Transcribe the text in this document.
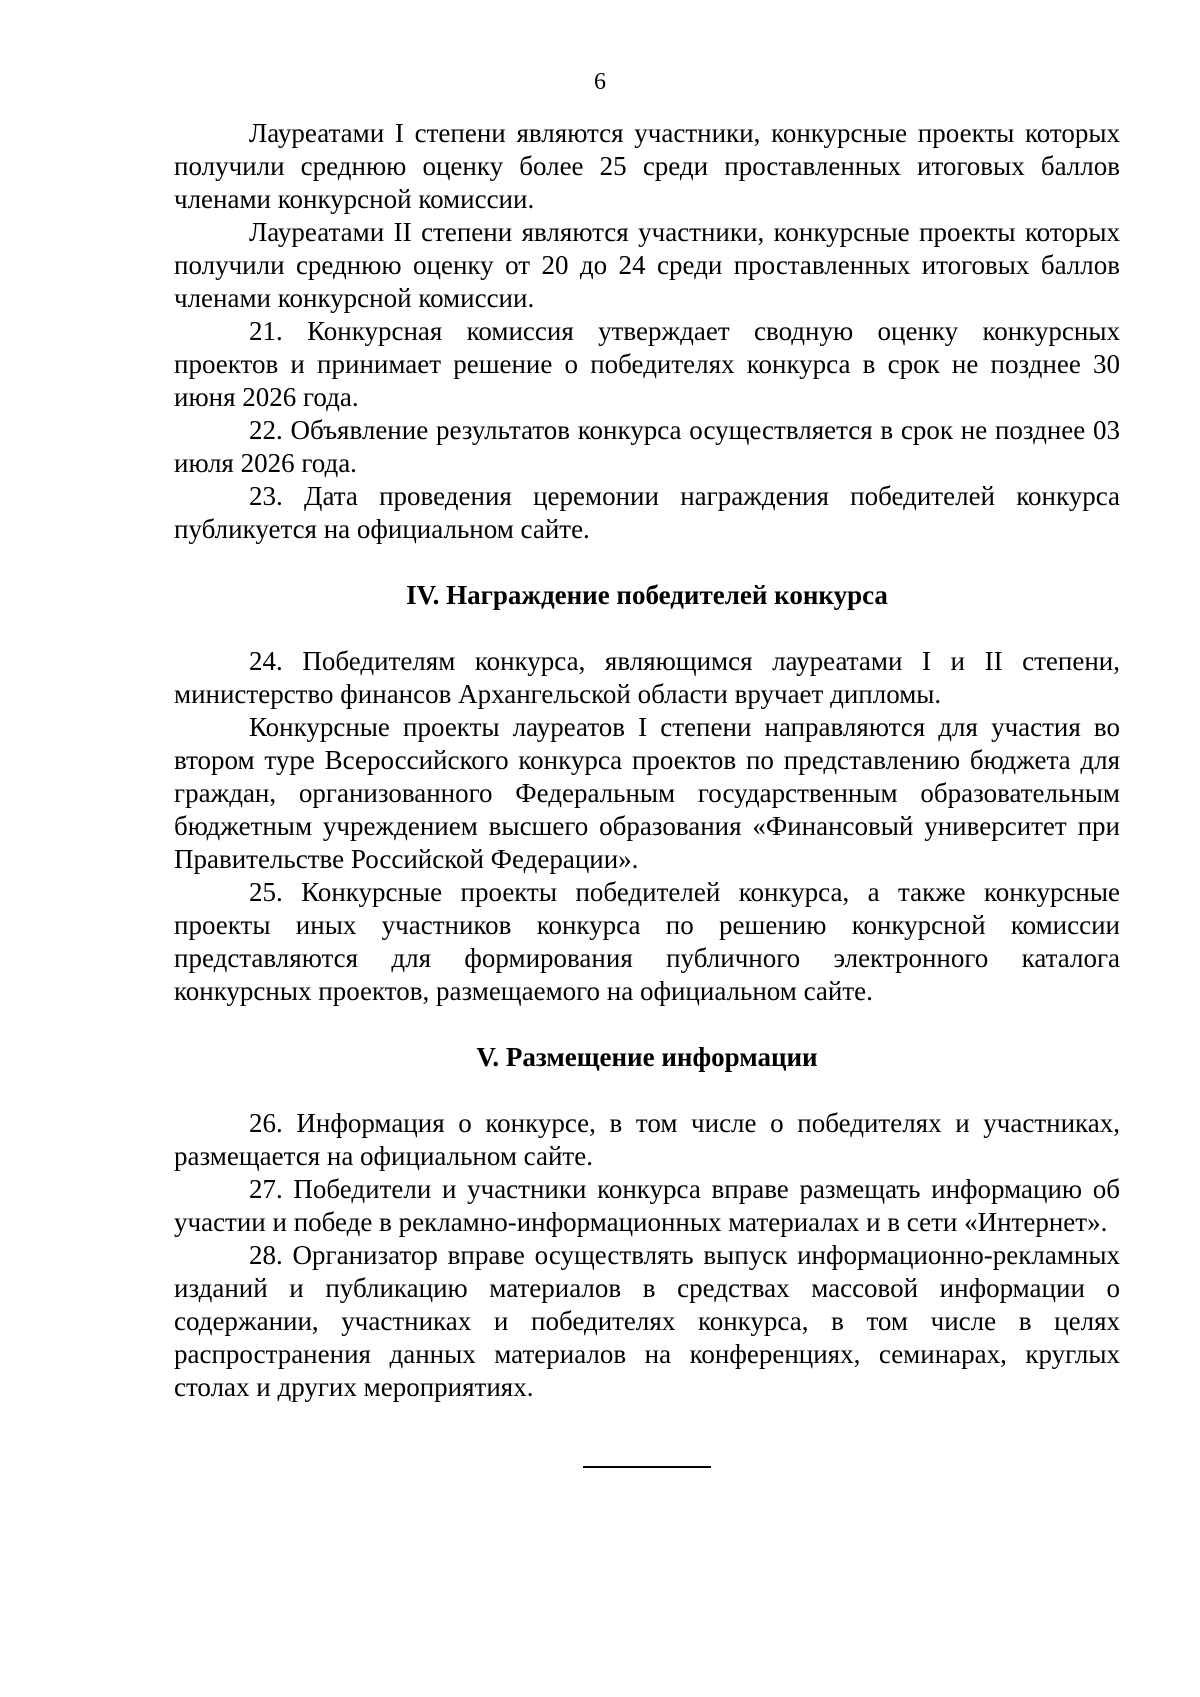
6

Лауреатами I степени являются участники, конкурсные проекты которых получили среднюю оценку более 25 среди проставленных итоговых баллов членами конкурсной комиссии.

Лауреатами II степени являются участники, конкурсные проекты которых получили среднюю оценку от 20 до 24 среди проставленных итоговых баллов членами конкурсной комиссии.

21. Конкурсная комиссия утверждает сводную оценку конкурсных проектов и принимает решение о победителях конкурса в срок не позднее 30 июня 2026 года.

22. Объявление результатов конкурса осуществляется в срок не позднее 03 июля 2026 года.

23. Дата проведения церемонии награждения победителей конкурса публикуется на официальном сайте.

IV. Награждение победителей конкурса

24. Победителям конкурса, являющимся лауреатами I и II степени, министерство финансов Архангельской области вручает дипломы.

Конкурсные проекты лауреатов I степени направляются для участия во втором туре Всероссийского конкурса проектов по представлению бюджета для граждан, организованного Федеральным государственным образовательным бюджетным учреждением высшего образования «Финансовый университет при Правительстве Российской Федерации».

25. Конкурсные проекты победителей конкурса, а также конкурсные проекты иных участников конкурса по решению конкурсной комиссии представляются для формирования публичного электронного каталога конкурсных проектов, размещаемого на официальном сайте.

V. Размещение информации

26. Информация о конкурсе, в том числе о победителях и участниках, размещается на официальном сайте.

27. Победители и участники конкурса вправе размещать информацию об участии и победе в рекламно-информационных материалах и в сети «Интернет».

28. Организатор вправе осуществлять выпуск информационно-рекламных изданий и публикацию материалов в средствах массовой информации о содержании, участниках и победителях конкурса, в том числе в целях распространения данных материалов на конференциях, семинарах, круглых столах и других мероприятиях.
